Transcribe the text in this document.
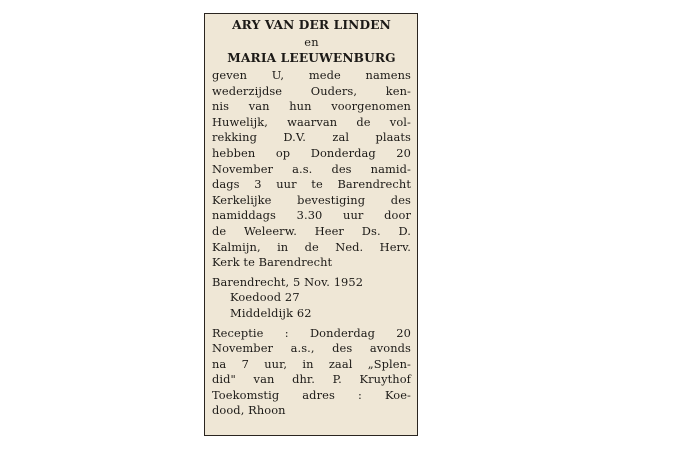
ARY VAN DER LINDEN
en
MARIA LEEUWENBURG
geven U, mede namens
wederzijdse Ouders, ken-
nis van hun voorgenomen
Huwelijk, waarvan de vol-
rekking D.V. zal plaats
hebben op Donderdag 20
November a.s. des namid-
dags 3 uur te Barendrecht
Kerkelijke bevestiging des
namiddags 3.30 uur door
de Weleerw. Heer Ds. D.
Kalmijn, in de Ned. Herv.
Kerk te Barendrecht
Barendrecht, 5 Nov. 1952
Koedood 27
Middeldijk 62
Receptie : Donderdag 20
November a.s., des avonds
na 7 uur, in zaal „Splen-
did" van dhr. P. Kruythof
Toekomstig adres : Koe-
dood, Rhoon
